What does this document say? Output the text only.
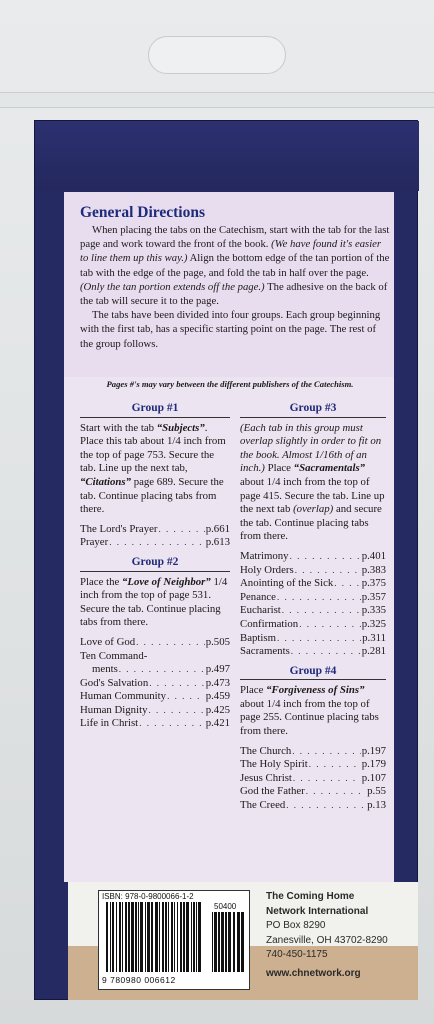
General Directions

When placing the tabs on the Catechism, start with the tab for the last page and work toward the front of the book. (We have found it's easier to line them up this way.) Align the bottom edge of the tan portion of the tab with the edge of the page, and fold the tab in half over the page. (Only the tan portion extends off the page.) The adhesive on the back of the tab will secure it to the page.

The tabs have been divided into four groups. Each group beginning with the first tab, has a specific starting point on the page. The rest of the group follows.

Pages #'s may vary between the different publishers of the Catechism.
Group #1
Start with the tab “Subjects”. Place this tab about 1/4 inch from the top of page 753. Secure the tab. Line up the next tab, “Citations” page 689. Secure the tab. Continue placing tabs from there.
The Lord's Prayer . . .	p.661
Prayer . . .	p.613
Group #2
Place the “Love of Neighbor” 1/4 inch from the top of page 531. Secure the tab. Continue placing tabs from there.
Love of God . . .	p.505
Ten Command-
ments . . .	p.497
God's Salvation . . .	p.473
Human Community . . .	p.459
Human Dignity . . .	p.425
Life in Christ . . .	p.421
Group #3
(Each tab in this group must overlap slightly in order to fit on the book. Almost 1/16th of an inch.) Place “Sacramentals” about 1/4 inch from the top of page 415. Secure the tab. Line up the next tab (overlap) and secure the tab. Continue placing tabs from there.
Matrimony . . .	p.401
Holy Orders . . .	p.383
Anointing of the Sick . . .	p.375
Penance . . .	p.357
Eucharist . . .	p.335
Confirmation . . .	p.325
Baptism . . .	p.311
Sacraments . . .	p.281
Group #4
Place “Forgiveness of Sins” about 1/4 inch from the top of page 255. Continue placing tabs from there.
The Church . . .	p.197
The Holy Spirit . . .	p.179
Jesus Christ . . .	p.107
God the Father . . .	p.55
The Creed . . .	p.13
ISBN: 978-0-9800066-1-2
50400
9 780980 006612
The Coming Home
Network International
PO Box 8290
Zanesville, OH 43702-8290
740-450-1175
www.chnetwork.org
